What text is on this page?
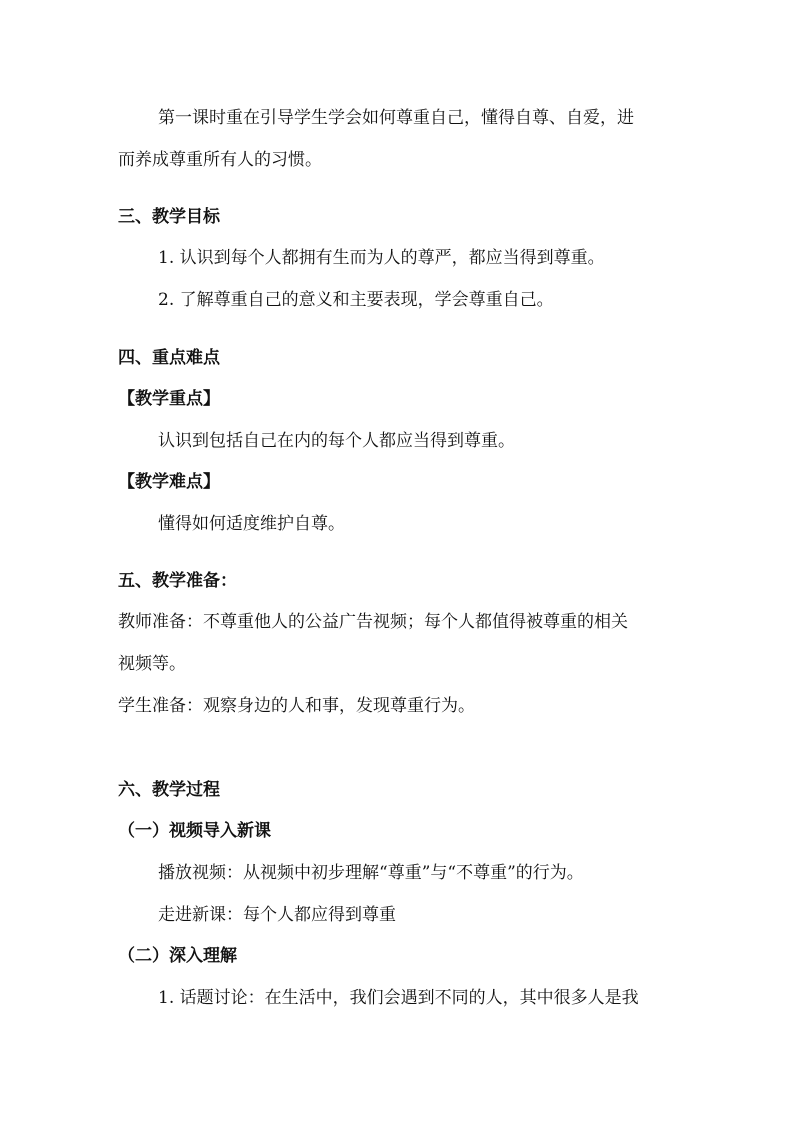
第一课时重在引导学生学会如何尊重自己，懂得自尊、自爱，进
而养成尊重所有人的习惯。
三、教学目标
1. 认识到每个人都拥有生而为人的尊严，都应当得到尊重。
2. 了解尊重自己的意义和主要表现，学会尊重自己。
四、重点难点
【教学重点】
认识到包括自己在内的每个人都应当得到尊重。
【教学难点】
懂得如何适度维护自尊。
五、教学准备：
教师准备：不尊重他人的公益广告视频；每个人都值得被尊重的相关
视频等。
学生准备：观察身边的人和事，发现尊重行为。
六、教学过程
（一）视频导入新课
播放视频：从视频中初步理解“尊重”与“不尊重”的行为。
走进新课：每个人都应得到尊重
（二）深入理解
1. 话题讨论：在生活中，我们会遇到不同的人，其中很多人是我
